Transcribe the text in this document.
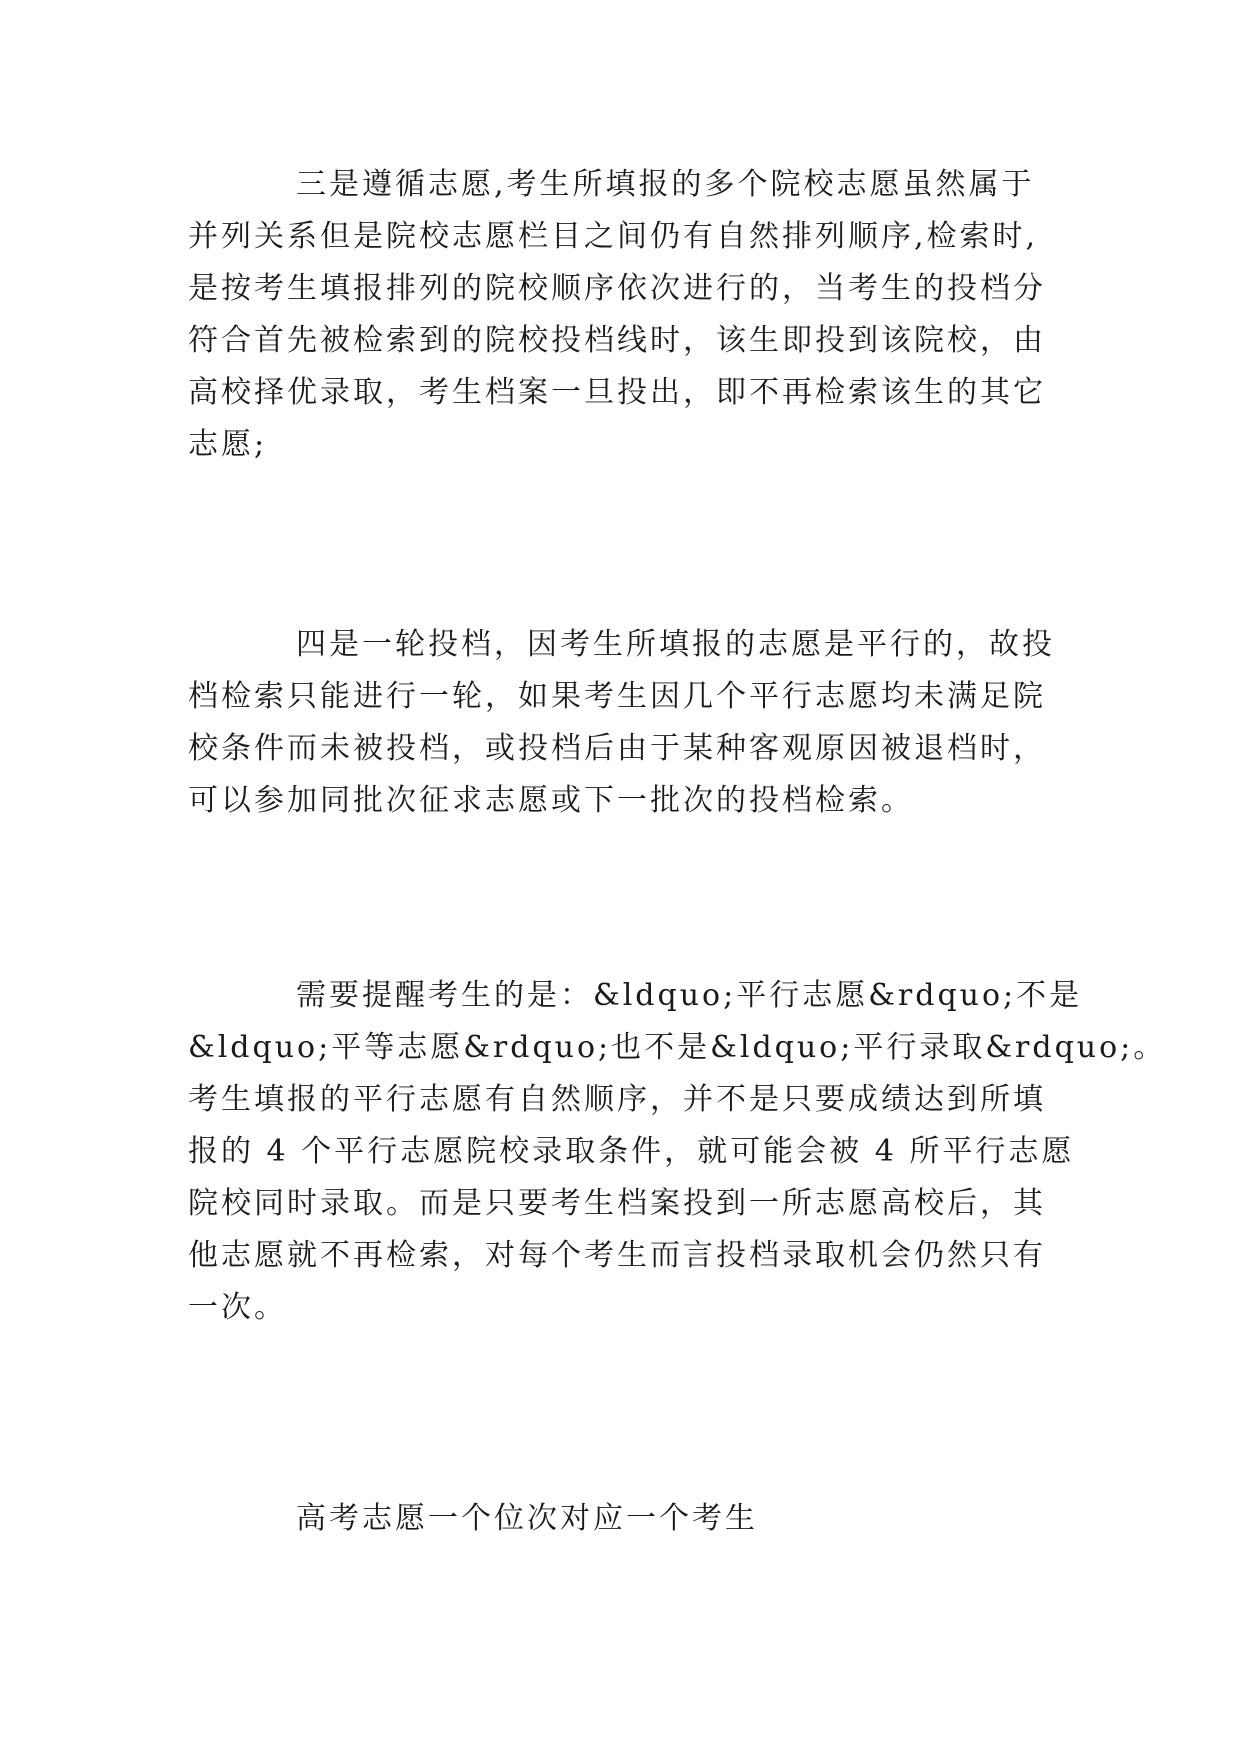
三是遵循志愿,考生所填报的多个院校志愿虽然属于
并列关系但是院校志愿栏目之间仍有自然排列顺序,检索时,
是按考生填报排列的院校顺序依次进行的，当考生的投档分
符合首先被检索到的院校投档线时，该生即投到该院校，由
高校择优录取，考生档案一旦投出，即不再检索该生的其它
志愿;
四是一轮投档，因考生所填报的志愿是平行的，故投
档检索只能进行一轮，如果考生因几个平行志愿均未满足院
校条件而未被投档，或投档后由于某种客观原因被退档时，
可以参加同批次征求志愿或下一批次的投档检索。
需要提醒考生的是：&ldquo;平行志愿&rdquo;不是
&ldquo;平等志愿&rdquo;也不是&ldquo;平行录取&rdquo;。
考生填报的平行志愿有自然顺序，并不是只要成绩达到所填
报的 4 个平行志愿院校录取条件，就可能会被 4 所平行志愿
院校同时录取。而是只要考生档案投到一所志愿高校后，其
他志愿就不再检索，对每个考生而言投档录取机会仍然只有
一次。
高考志愿一个位次对应一个考生
